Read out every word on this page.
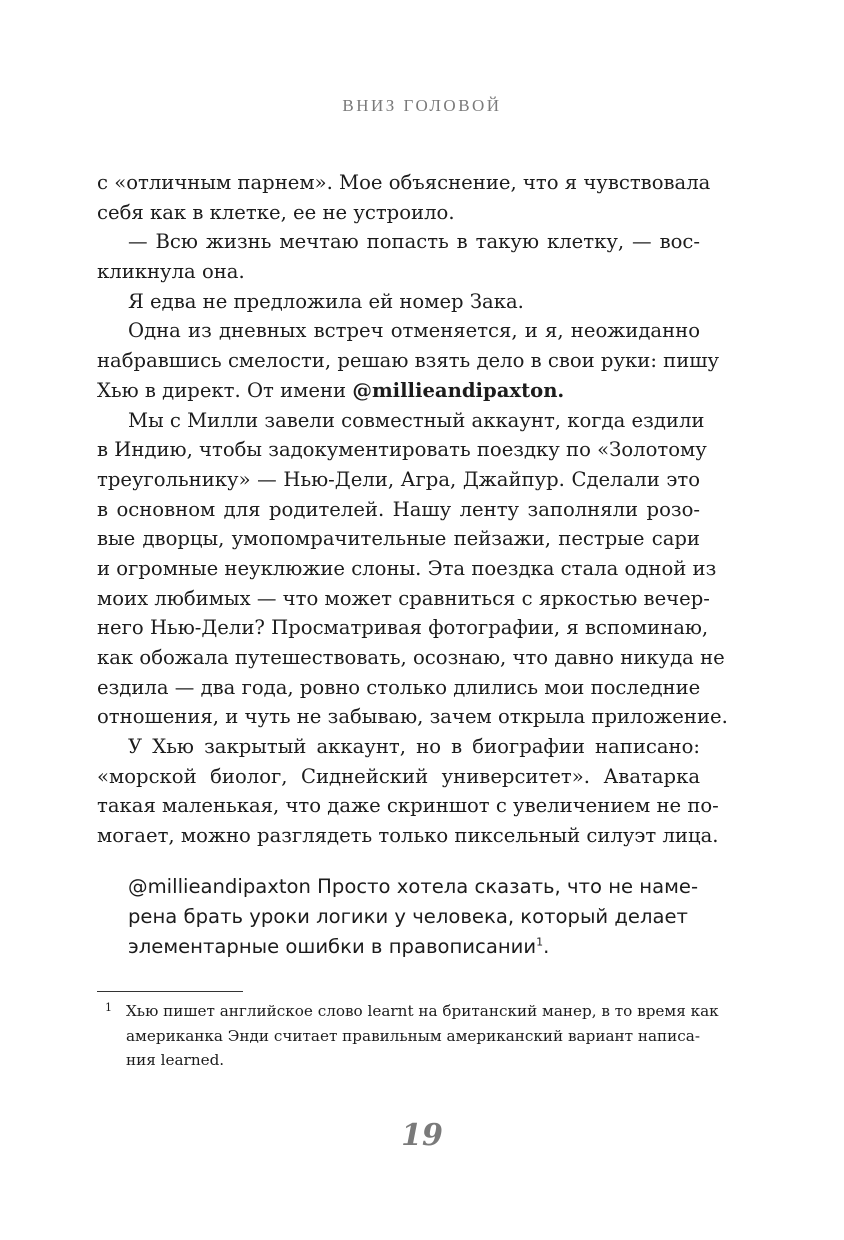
ВНИЗ ГОЛОВОЙ
с «отличным парнем». Мое объяснение, что я чувствовала
себя как в клетке, ее не устроило.
— Всю жизнь мечтаю попасть в такую клетку, — вос-
кликнула она.
Я едва не предложила ей номер Зака.
Одна из дневных встреч отменяется, и я, неожиданно
набравшись смелости, решаю взять дело в свои руки: пишу
Хью в директ. От имени @millieandipaxton.
Мы с Милли завели совместный аккаунт, когда ездили
в Индию, чтобы задокументировать поездку по «Золотому
треугольнику» — Нью-Дели, Агра, Джайпур. Сделали это
в основном для родителей. Нашу ленту заполняли розо-
вые дворцы, умопомрачительные пейзажи, пестрые сари
и огромные неуклюжие слоны. Эта поездка стала одной из
моих любимых — что может сравниться с яркостью вечер-
него Нью-Дели? Просматривая фотографии, я вспоминаю,
как обожала путешествовать, осознаю, что давно никуда не
ездила — два года, ровно столько длились мои последние
отношения, и чуть не забываю, зачем открыла приложение.
У Хью закрытый аккаунт, но в биографии написано:
«морской биолог, Сиднейский университет». Аватарка
такая маленькая, что даже скриншот с увеличением не по-
могает, можно разглядеть только пиксельный силуэт лица.
@millieandipaxton Просто хотела сказать, что не наме-
рена брать уроки логики у человека, который делает
элементарные ошибки в правописании$^1$.
1 Хью пишет английское слово learnt на британский манер, в то время как
американка Энди считает правильным американский вариант написа-
ния learned.
19
